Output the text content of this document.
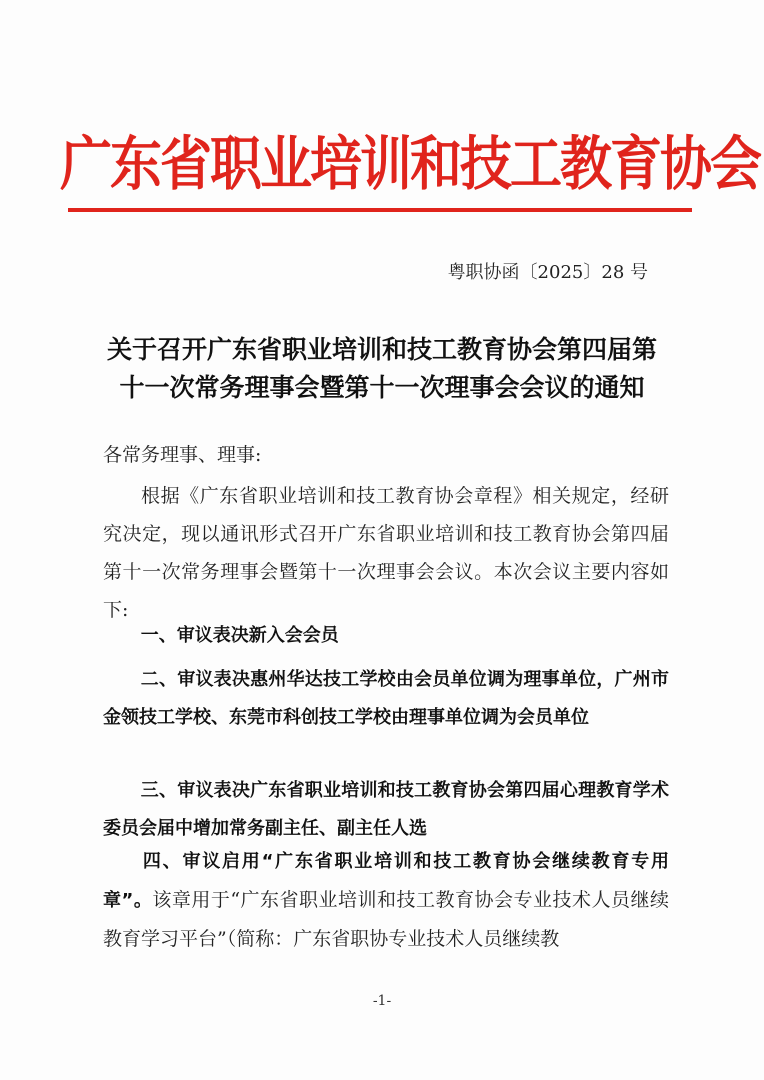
广东省职业培训和技工教育协会
粤职协函〔2025〕28 号
关于召开广东省职业培训和技工教育协会第四届第
十一次常务理事会暨第十一次理事会会议的通知
各常务理事、理事:
根据《广东省职业培训和技工教育协会章程》相关规定，经研究决定，现以通讯形式召开广东省职业培训和技工教育协会第四届第十一次常务理事会暨第十一次理事会会议。本次会议主要内容如下:
一、审议表决新入会会员
二、审议表决惠州华达技工学校由会员单位调为理事单位，广州市金领技工学校、东莞市科创技工学校由理事单位调为会员单位
三、审议表决广东省职业培训和技工教育协会第四届心理教育学术委员会届中增加常务副主任、副主任人选
四、审议启用“广东省职业培训和技工教育协会继续教育专用章”。该章用于“广东省职业培训和技工教育协会专业技术人员继续教育学习平台”（简称：广东省职协专业技术人员继续教
-1-
